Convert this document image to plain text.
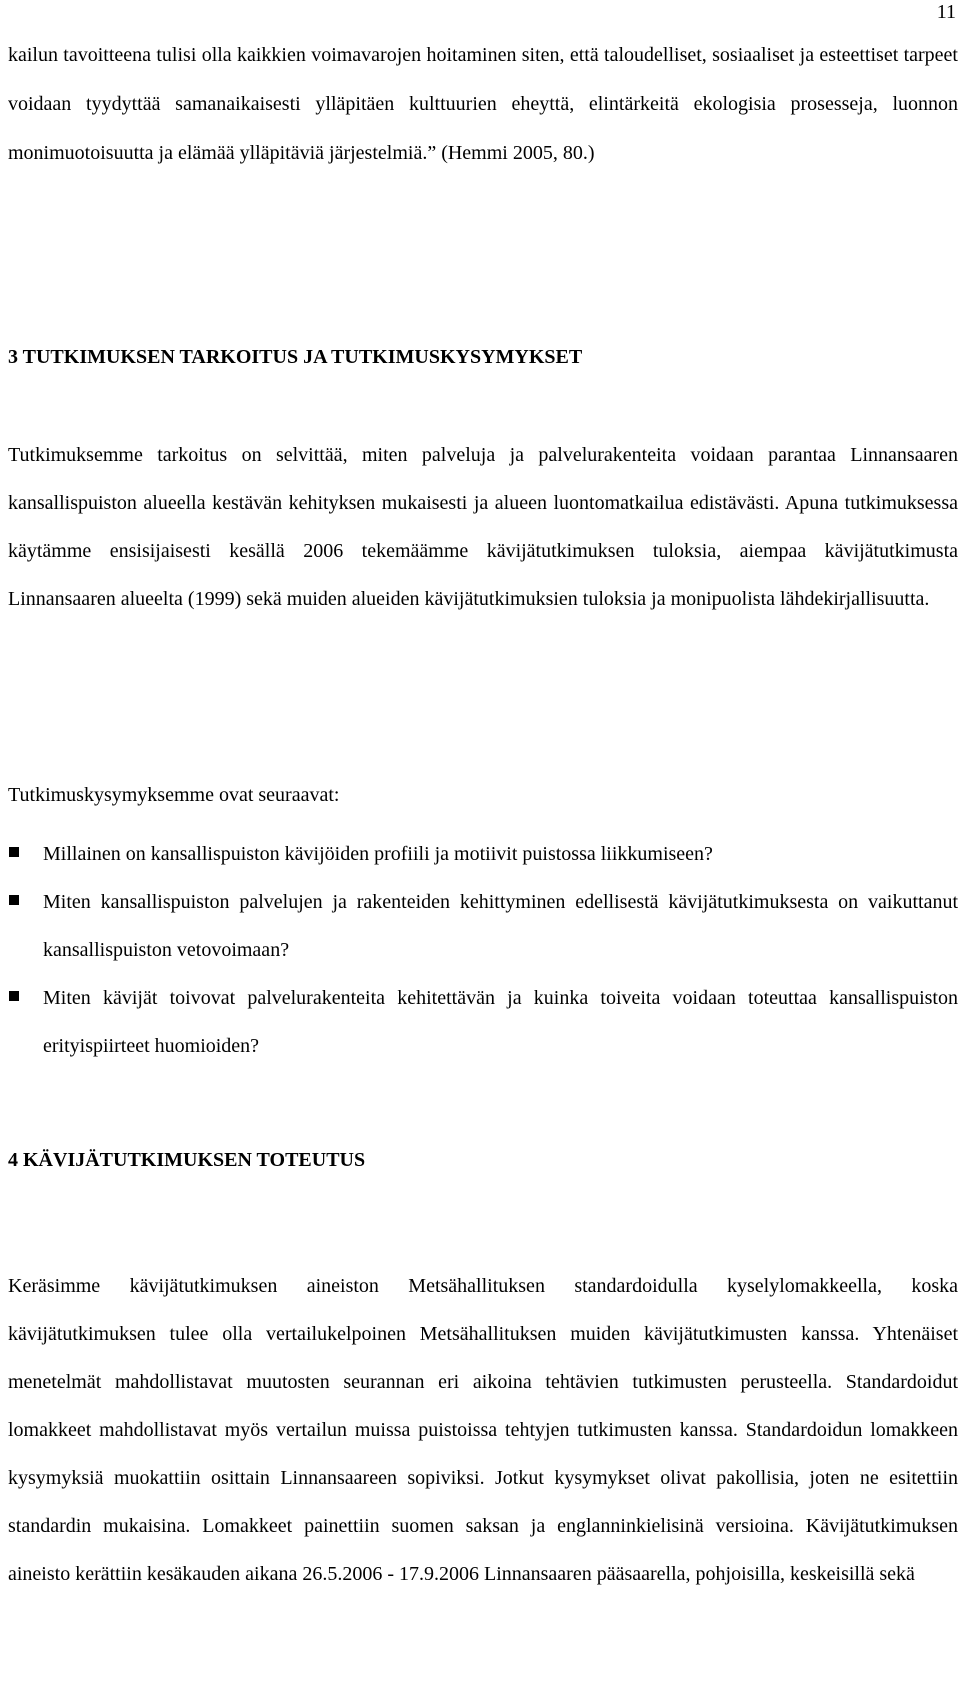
11

kailun tavoitteena tulisi olla kaikkien voimavarojen hoitaminen siten, että taloudelliset, sosiaaliset ja esteettiset tarpeet voidaan tyydyttää samanaikaisesti ylläpitäen kulttuurien eheyttä, elintärkeitä ekologisia prosesseja, luonnon monimuotoisuutta ja elämää ylläpitäviä järjestelmiä.” (Hemmi 2005, 80.)

3 TUTKIMUKSEN TARKOITUS JA TUTKIMUSKYSYMYKSET

Tutkimuksemme tarkoitus on selvittää, miten palveluja ja palvelurakenteita voidaan parantaa Linnansaaren kansallispuiston alueella kestävän kehityksen mukaisesti ja alueen luontomatkailua edistävästi. Apuna tutkimuksessa käytämme ensisijaisesti kesällä 2006 tekemäämme kävijätutkimuksen tuloksia, aiempaa kävijätutkimusta Linnansaaren alueelta (1999) sekä muiden alueiden kävijätutkimuksien tuloksia ja monipuolista lähdekirjallisuutta.

Tutkimuskysymyksemme ovat seuraavat:

Millainen on kansallispuiston kävijöiden profiili ja motiivit puistossa liikkumiseen?
Miten kansallispuiston palvelujen ja rakenteiden kehittyminen edellisestä kävijätutkimuksesta on vaikuttanut kansallispuiston vetovoimaan?
Miten kävijät toivovat palvelurakenteita kehitettävän ja kuinka toiveita voidaan toteuttaa kansallispuiston erityispiirteet huomioiden?
4 KÄVIJÄTUTKIMUKSEN TOTEUTUS

Keräsimme kävijätutkimuksen aineiston Metsähallituksen standardoidulla kyselylomakkeella, koska kävijätutkimuksen tulee olla vertailukelpoinen Metsähallituksen muiden kävijätutkimusten kanssa. Yhtenäiset menetelmät mahdollistavat muutosten seurannan eri aikoina tehtävien tutkimusten perusteella. Standardoidut lomakkeet mahdollistavat myös vertailun muissa puistoissa tehtyjen tutkimusten kanssa. Standardoidun lomakkeen kysymyksiä muokattiin osittain Linnansaareen sopiviksi. Jotkut kysymykset olivat pakollisia, joten ne esitettiin standardin mukaisina. Lomakkeet painettiin suomen saksan ja englanninkielisinä versioina. Kävijätutkimuksen aineisto kerättiin kesäkauden aikana 26.5.2006 - 17.9.2006 Linnansaaren pääsaarella, pohjoisilla, keskeisillä sekä
